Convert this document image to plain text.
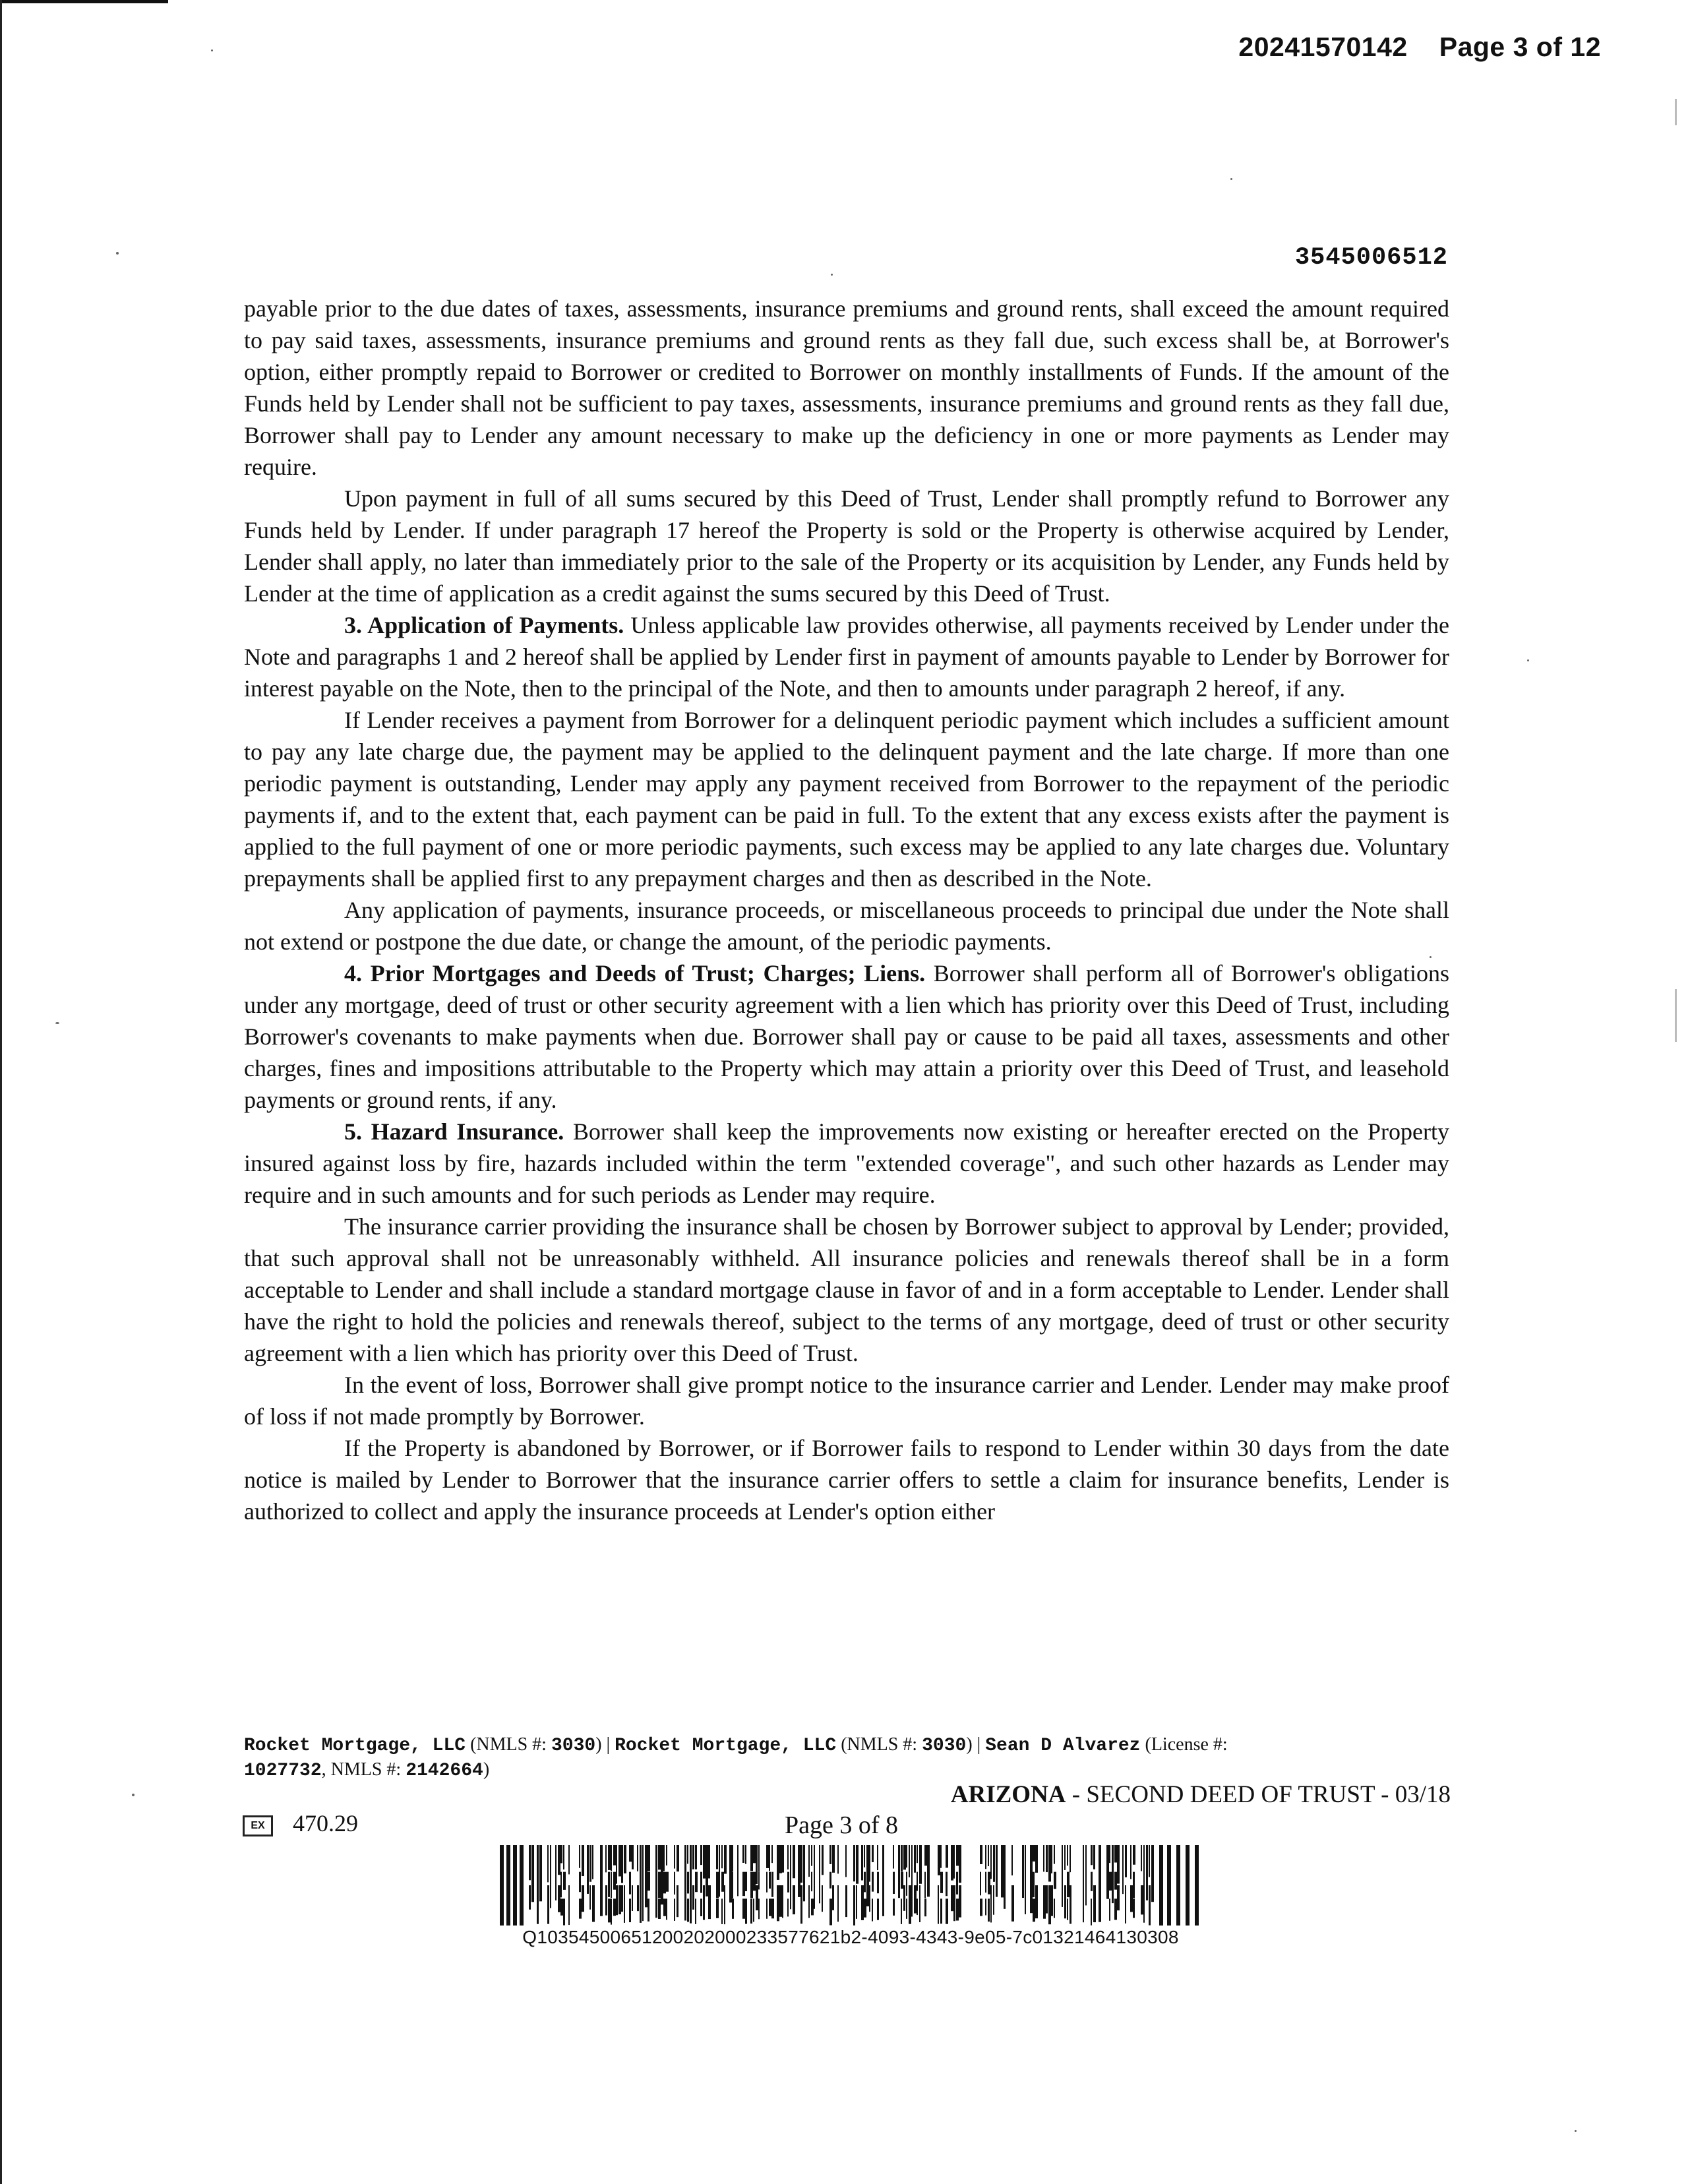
20241570142 Page 3 of 12
3545006512

payable prior to the due dates of taxes, assessments, insurance premiums and ground rents, shall exceed the amount required to pay said taxes, assessments, insurance premiums and ground rents as they fall due, such excess shall be, at Borrower's option, either promptly repaid to Borrower or credited to Borrower on monthly installments of Funds. If the amount of the Funds held by Lender shall not be sufficient to pay taxes, assessments, insurance premiums and ground rents as they fall due, Borrower shall pay to Lender any amount necessary to make up the deficiency in one or more payments as Lender may require.

Upon payment in full of all sums secured by this Deed of Trust, Lender shall promptly refund to Borrower any Funds held by Lender. If under paragraph 17 hereof the Property is sold or the Property is otherwise acquired by Lender, Lender shall apply, no later than immediately prior to the sale of the Property or its acquisition by Lender, any Funds held by Lender at the time of application as a credit against the sums secured by this Deed of Trust.

3. Application of Payments. Unless applicable law provides otherwise, all payments received by Lender under the Note and paragraphs 1 and 2 hereof shall be applied by Lender first in payment of amounts payable to Lender by Borrower for interest payable on the Note, then to the principal of the Note, and then to amounts under paragraph 2 hereof, if any.

If Lender receives a payment from Borrower for a delinquent periodic payment which includes a sufficient amount to pay any late charge due, the payment may be applied to the delinquent payment and the late charge. If more than one periodic payment is outstanding, Lender may apply any payment received from Borrower to the repayment of the periodic payments if, and to the extent that, each payment can be paid in full. To the extent that any excess exists after the payment is applied to the full payment of one or more periodic payments, such excess may be applied to any late charges due. Voluntary prepayments shall be applied first to any prepayment charges and then as described in the Note.

Any application of payments, insurance proceeds, or miscellaneous proceeds to principal due under the Note shall not extend or postpone the due date, or change the amount, of the periodic payments.

4. Prior Mortgages and Deeds of Trust; Charges; Liens. Borrower shall perform all of Borrower's obligations under any mortgage, deed of trust or other security agreement with a lien which has priority over this Deed of Trust, including Borrower's covenants to make payments when due. Borrower shall pay or cause to be paid all taxes, assessments and other charges, fines and impositions attributable to the Property which may attain a priority over this Deed of Trust, and leasehold payments or ground rents, if any.

5. Hazard Insurance. Borrower shall keep the improvements now existing or hereafter erected on the Property insured against loss by fire, hazards included within the term "extended coverage", and such other hazards as Lender may require and in such amounts and for such periods as Lender may require.

The insurance carrier providing the insurance shall be chosen by Borrower subject to approval by Lender; provided, that such approval shall not be unreasonably withheld. All insurance policies and renewals thereof shall be in a form acceptable to Lender and shall include a standard mortgage clause in favor of and in a form acceptable to Lender. Lender shall have the right to hold the policies and renewals thereof, subject to the terms of any mortgage, deed of trust or other security agreement with a lien which has priority over this Deed of Trust.

In the event of loss, Borrower shall give prompt notice to the insurance carrier and Lender. Lender may make proof of loss if not made promptly by Borrower.

If the Property is abandoned by Borrower, or if Borrower fails to respond to Lender within 30 days from the date notice is mailed by Lender to Borrower that the insurance carrier offers to settle a claim for insurance benefits, Lender is authorized to collect and apply the insurance proceeds at Lender's option either

Rocket Mortgage, LLC (NMLS #: 3030) | Rocket Mortgage, LLC (NMLS #: 3030) | Sean D Alvarez (License #:
1027732, NMLS #: 2142664)
ARIZONA - SECOND DEED OF TRUST - 03/18
EX 470.29	Page 3 of 8
Q103545006512002020002335776​21b2-4093-4343-9e05-7c01321464130308
